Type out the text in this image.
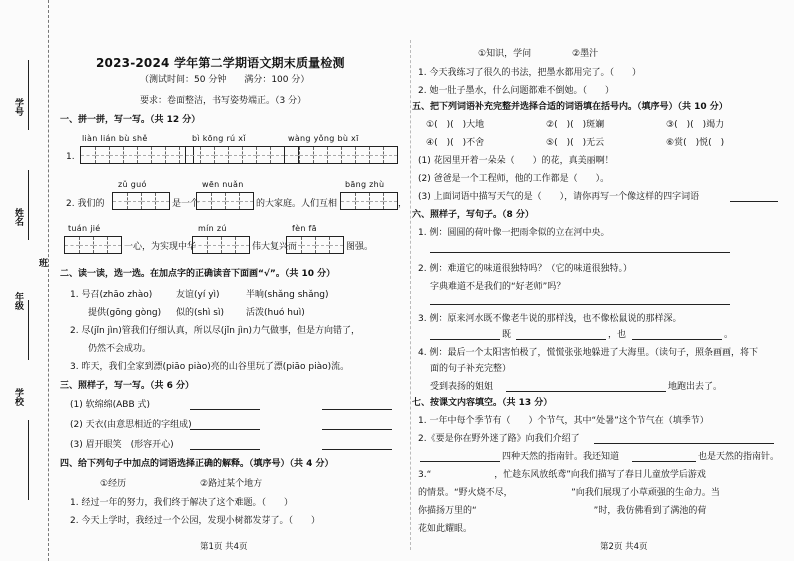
学号
姓名
班
年级
学校
2023-2024 学年第二学期语文期末质量检测
（测试时间：50 分钟　　满分：100 分）
要求：卷面整洁，书写姿势端正。（3 分）
一、拼一拼，写一写。（共 12 分）
liàn lián bù shě	bì kōng rú xǐ	wàng yǒng bù xī
1.
zǔ guó	wēn nuǎn	bāng zhù
2. 我们的	是一个	的大家庭。人们互相	，
tuán jié	mín zú	fèn fā
一心，为实现中华	伟大复兴而	图强。
二、读一读，选一选。在加点字的正确读音下面画“√”。（共 10 分）
1. 号召(zhāo zhào)	友谊(yí yì)	半晌(shǎng shǎng)
提供(gōng gòng) 似的(shì sì) 活泼(huó huì)
2. 尽(jǐn jìn)管我们仔细认真，所以尽(jǐn jìn)力气做事，但是方向错了，
仍然不会成功。
3. 昨天，我们全家到漂(piāo piào)亮的山谷里玩了漂(piāo piào)流。
三、照样子，写一写。（共 6 分）
(1) 软绵绵(ABB 式)
(2) 天衣(由意思相近的字组成)
(3) 眉开眼笑　(形容开心)
四、给下列句子中加点的词语选择正确的解释。（填序号）（共 4 分）
①经历	②路过某个地方
1. 经过一年的努力，我们终于解决了这个难题。（　　）
2. 今天上学时，我经过一个公园，发现小树都发芽了。（　　）
第1页 共4页
①知识，学问	②墨汁
1. 今天我练习了很久的书法，把墨水都用完了。（　　）
2. 她一肚子墨水，什么问题都难不倒她。（　　）
五、把下列词语补充完整并选择合适的词语填在括号内。（填序号）（共 10 分）
①(　)(　)大地	②(　)(　)斑斓	③(　)(　)竭力
④(　)(　)不舍	⑤(　)(　)无云	⑥赏(　)悦(　)
(1) 花园里开着一朵朵（　　）的花，真美丽啊！
(2) 爸爸是一个工程师，他的工作都是（　　）。
(3) 上面词语中描写天气的是（　　），请你再写一个像这样的四字词语
六、照样子，写句子。（8 分）
1. 例：圆圆的荷叶像一把雨伞似的立在河中央。
2. 例：难道它的味道很独特吗？（它的味道很独特。）
字典难道不是我们的“好老师”吗？
3. 例：原来河水既不像老牛说的那样浅，也不像松鼠说的那样深。
既	，也	。
4. 例：最后一个太阳害怕极了，慌慌张张地躲进了大海里。（读句子，照条画画，将下
面的句子补充完整）
受到表扬的姐姐	地跑出去了。
七、按课文内容填空。（共 13 分）
1. 一年中每个季节有（　　）个节气，其中“处暑”这个节气在（填季节）
2.《要是你在野外迷了路》向我们介绍了
四种天然的指南针。我还知道	也是天然的指南针。
3.“　　　　　　　，忙趁东风放纸鸢”向我们描写了春日儿童放学后游戏
的情景。“野火烧不尽，　　　　　　　”向我们展现了小草顽强的生命力。当
你描扬万里的“　　　　　　　　　　　　　”时，我仿佛看到了满池的荷
花如此耀眼。
第2页 共4页
